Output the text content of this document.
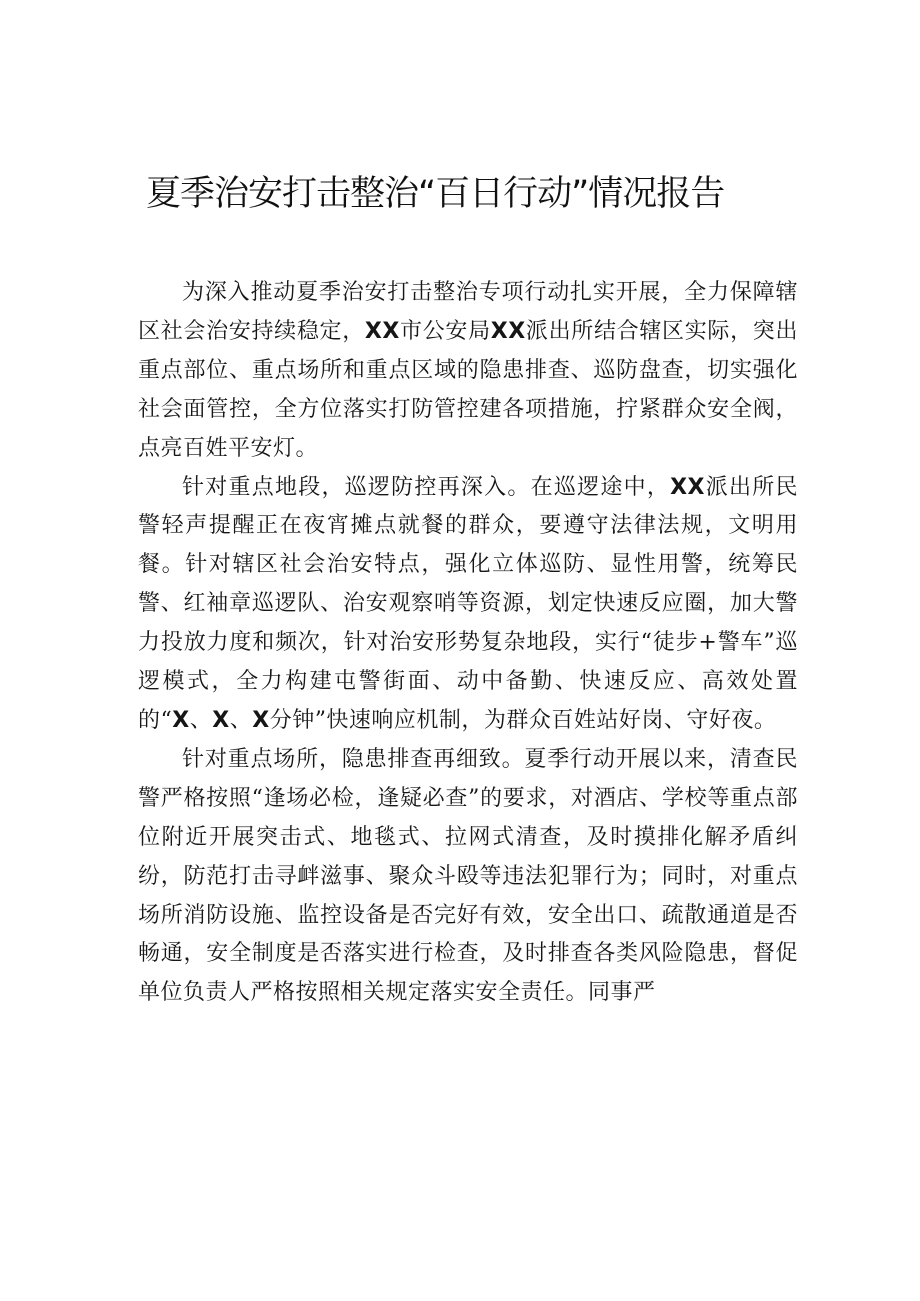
夏季治安打击整治“百日行动”情况报告

为深入推动夏季治安打击整治专项行动扎实开展，全力保障辖区社会治安持续稳定，XX市公安局XX派出所结合辖区实际，突出重点部位、重点场所和重点区域的隐患排查、巡防盘查，切实强化社会面管控，全方位落实打防管控建各项措施，拧紧群众安全阀，点亮百姓平安灯。

针对重点地段，巡逻防控再深入。在巡逻途中，XX派出所民警轻声提醒正在夜宵摊点就餐的群众，要遵守法律法规，文明用餐。针对辖区社会治安特点，强化立体巡防、显性用警，统筹民警、红袖章巡逻队、治安观察哨等资源，划定快速反应圈，加大警力投放力度和频次，针对治安形势复杂地段，实行“徒步+警车”巡逻模式，全力构建屯警街面、动中备勤、快速反应、高效处置的“X、X、X分钟”快速响应机制，为群众百姓站好岗、守好夜。

针对重点场所，隐患排查再细致。夏季行动开展以来，清查民警严格按照“逢场必检，逢疑必查”的要求，对酒店、学校等重点部位附近开展突击式、地毯式、拉网式清查，及时摸排化解矛盾纠纷，防范打击寻衅滋事、聚众斗殴等违法犯罪行为；同时，对重点场所消防设施、监控设备是否完好有效，安全出口、疏散通道是否畅通，安全制度是否落实进行检查，及时排查各类风险隐患，督促单位负责人严格按照相关规定落实安全责任。同事严
